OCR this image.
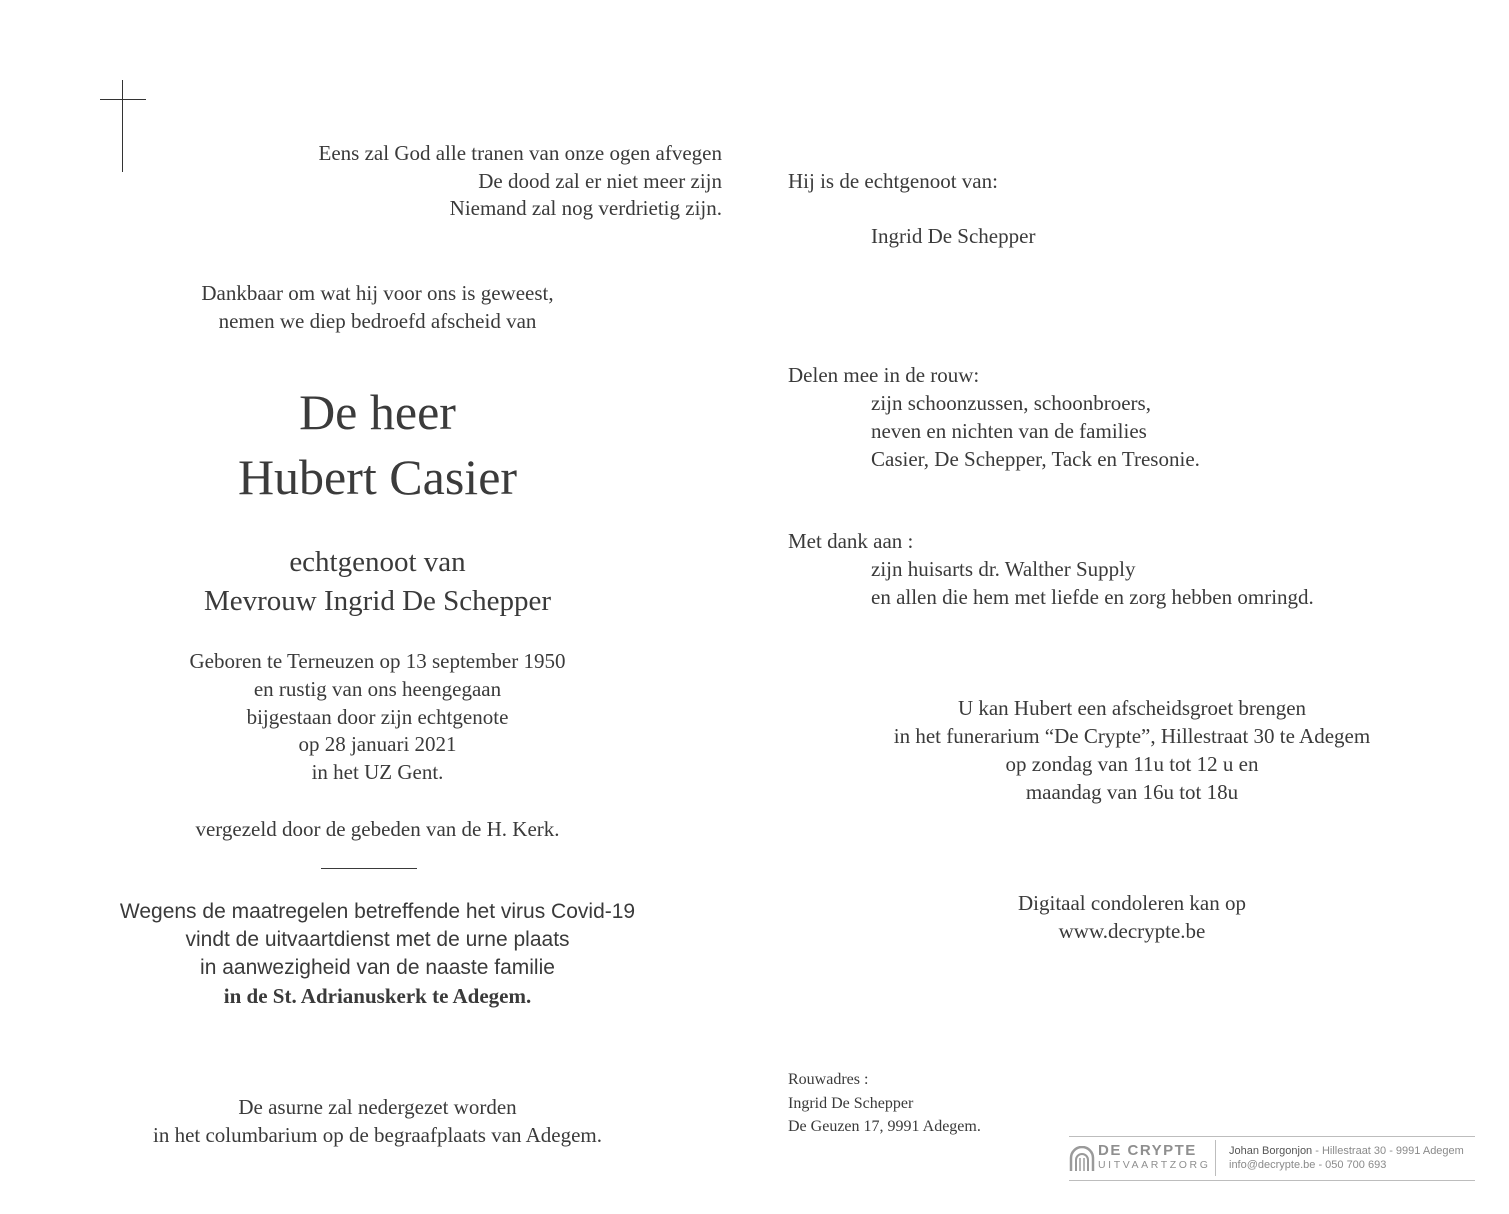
Eens zal God alle tranen van onze ogen afvegen
De dood zal er niet meer zijn
Niemand zal nog verdrietig zijn.
Dankbaar om wat hij voor ons is geweest,
nemen we diep bedroefd afscheid van
De heer
Hubert Casier
echtgenoot van
Mevrouw Ingrid De Schepper
Geboren te Terneuzen op 13 september 1950
en rustig van ons heengegaan
bijgestaan door zijn echtgenote
op 28 januari 2021
in het UZ Gent.
vergezeld door de gebeden van de H. Kerk.
Wegens de maatregelen betreffende het virus Covid-19
vindt de uitvaartdienst met de urne plaats
in aanwezigheid van de naaste familie
in de St. Adrianuskerk te Adegem.
De asurne zal nedergezet worden
in het columbarium op de begraafplaats van Adegem.
Hij is de echtgenoot van:
Ingrid De Schepper
Delen mee in de rouw:
zijn schoonzussen, schoonbroers,
neven en nichten van de families
Casier, De Schepper, Tack en Tresonie.
Met dank aan :
zijn huisarts dr. Walther Supply
en allen die hem met liefde en zorg hebben omringd.
U kan Hubert een afscheidsgroet brengen
in het funerarium “De Crypte”, Hillestraat 30 te Adegem
op zondag van 11u tot 12 u en
maandag van 16u tot 18u
Digitaal condoleren kan op
www.decrypte.be
Rouwadres :
Ingrid De Schepper
De Geuzen 17, 9991 Adegem.
DE CRYPTE
UITVAARTZORG
Johan Borgonjon - Hillestraat 30 - 9991 Adegem
info@decrypte.be - 050 700 693
